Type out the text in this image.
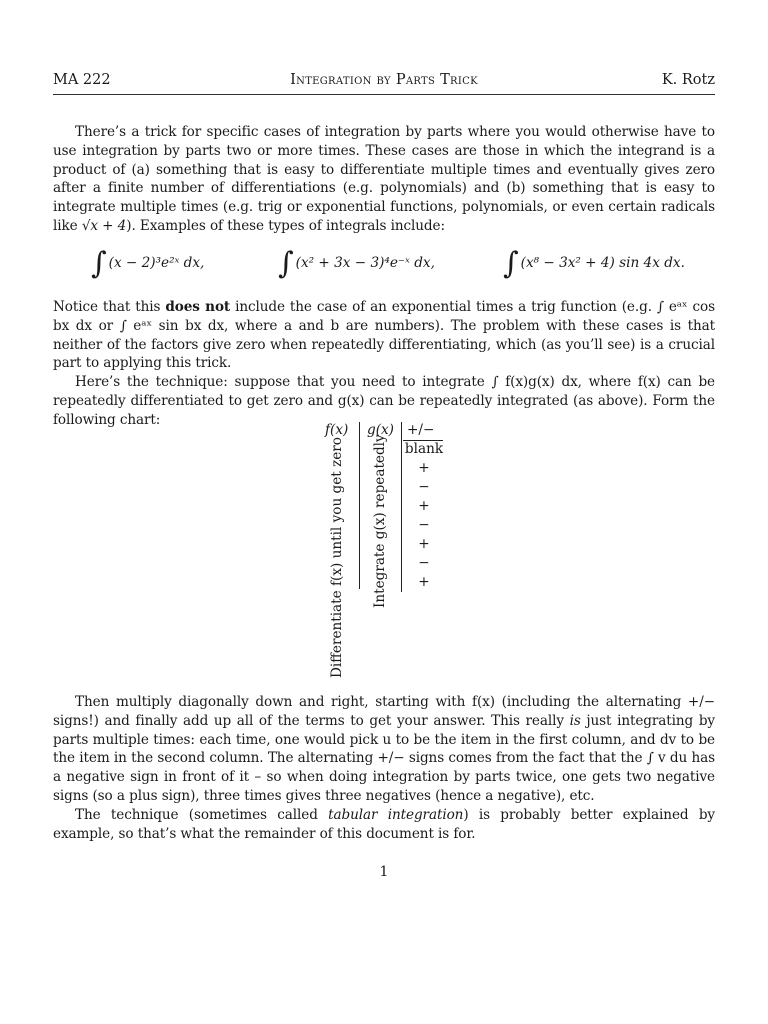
MA 222	Integration by Parts Trick	K. Rotz
There’s a trick for specific cases of integration by parts where you would otherwise have to use integration by parts two or more times. These cases are those in which the integrand is a product of (a) something that is easy to differentiate multiple times and eventually gives zero after a finite number of differentiations (e.g. polynomials) and (b) something that is easy to integrate multiple times (e.g. trig or exponential functions, polynomials, or even certain radicals like √x + 4). Examples of these types of integrals include:
∫ (x − 2)³e²ˣ dx, ∫ (x² + 3x − 3)⁴e⁻ˣ dx, ∫ (x⁸ − 3x² + 4) sin 4x dx.
Notice that this does not include the case of an exponential times a trig function (e.g. ∫ eᵃˣ cos bx dx or ∫ eᵃˣ sin bx dx, where a and b are numbers). The problem with these cases is that neither of the factors give zero when repeatedly differentiating, which (as you’ll see) is a crucial part to applying this trick.
Here’s the technique: suppose that you need to integrate ∫ f(x)g(x) dx, where f(x) can be repeatedly differentiated to get zero and g(x) can be repeatedly integrated (as above). Form the following chart:
f(x) g(x) +/−
Differentiate f(x) until you get zero Integrate g(x) repeatedly blank
+
−
+
−
+
−
+
Then multiply diagonally down and right, starting with f(x) (including the alternating +/− signs!) and finally add up all of the terms to get your answer. This really is just integrating by parts multiple times: each time, one would pick u to be the item in the first column, and dv to be the item in the second column. The alternating +/− signs comes from the fact that the ∫ v du has a negative sign in front of it – so when doing integration by parts twice, one gets two negative signs (so a plus sign), three times gives three negatives (hence a negative), etc.
The technique (sometimes called tabular integration) is probably better explained by example, so that’s what the remainder of this document is for.
1
